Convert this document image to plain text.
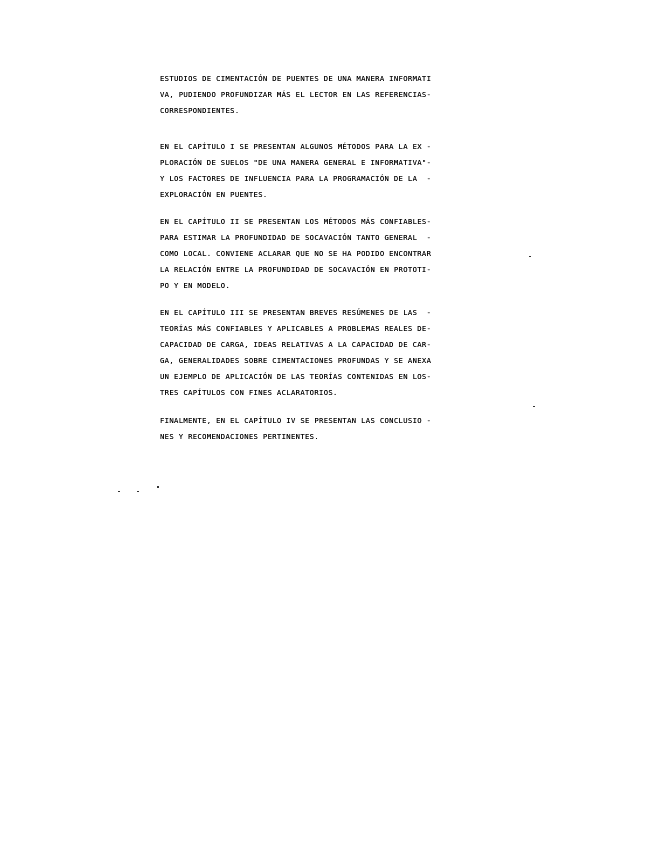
ESTUDIOS DE CIMENTACIÓN DE PUENTES DE UNA MANERA INFORMATI
VA, PUDIENDO PROFUNDIZAR MÁS EL LECTOR EN LAS REFERENCIAS-
CORRESPONDIENTES.
EN EL CAPÍTULO I SE PRESENTAN ALGUNOS MÉTODOS PARA LA EX -
PLORACIÓN DE SUELOS "DE UNA MANERA GENERAL E INFORMATIVA"-
Y LOS FACTORES DE INFLUENCIA PARA LA PROGRAMACIÓN DE LA  -
EXPLORACIÓN EN PUENTES.
EN EL CAPÍTULO II SE PRESENTAN LOS MÉTODOS MÁS CONFIABLES-
PARA ESTIMAR LA PROFUNDIDAD DE SOCAVACIÓN TANTO GENERAL  -
COMO LOCAL. CONVIENE ACLARAR QUE NO SE HA PODIDO ENCONTRAR
LA RELACIÓN ENTRE LA PROFUNDIDAD DE SOCAVACIÓN EN PROTOTI-
PO Y EN MODELO.
EN EL CAPÍTULO III SE PRESENTAN BREVES RESÚMENES DE LAS  -
TEORÍAS MÁS CONFIABLES Y APLICABLES A PROBLEMAS REALES DE-
CAPACIDAD DE CARGA, IDEAS RELATIVAS A LA CAPACIDAD DE CAR-
GA, GENERALIDADES SOBRE CIMENTACIONES PROFUNDAS Y SE ANEXA
UN EJEMPLO DE APLICACIÓN DE LAS TEORÍAS CONTENIDAS EN LOS-
TRES CAPÍTULOS CON FINES ACLARATORIOS.
FINALMENTE, EN EL CAPÍTULO IV SE PRESENTAN LAS CONCLUSIO -
NES Y RECOMENDACIONES PERTINENTES.
